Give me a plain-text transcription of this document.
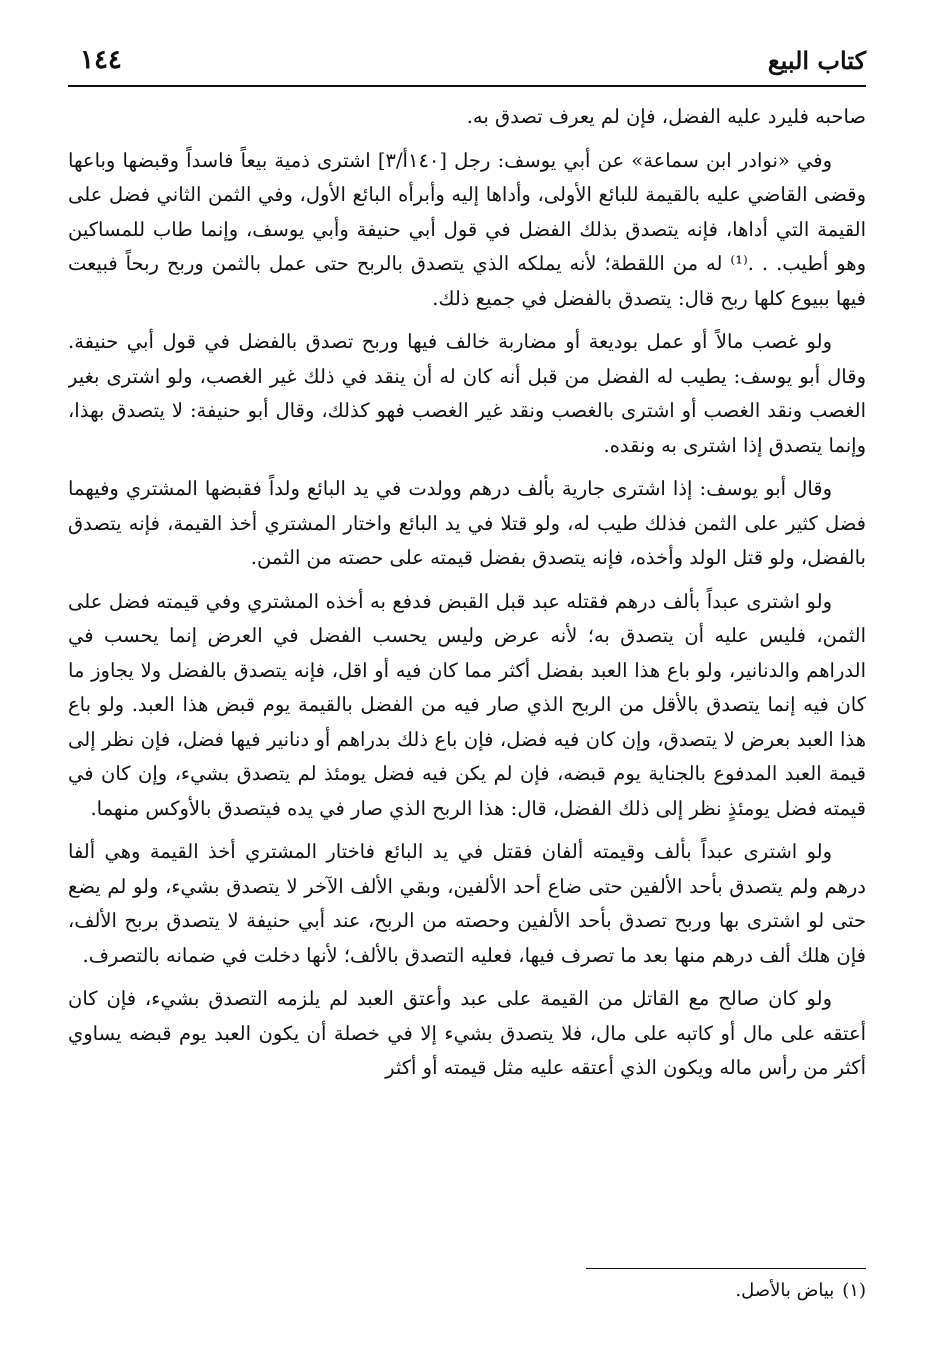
كتاب البيع
١٤٤

صاحبه فليرد عليه الفضل، فإن لم يعرف تصدق به.

وفي «نوادر ابن سماعة» عن أبي يوسف: رجل [١٤٠أ/٣] اشترى ذمية بيعاً فاسداً وقبضها وباعها وقضى القاضي عليه بالقيمة للبائع الأولى، وأداها إليه وأبرأه البائع الأول، وفي الثمن الثاني فضل على القيمة التي أداها، فإنه يتصدق بذلك الفضل في قول أبي حنيفة وأبي يوسف، وإنما طاب للمساكين وهو أطيب. . .⁽¹⁾ له من اللقطة؛ لأنه يملكه الذي يتصدق بالربح حتى عمل بالثمن وربح ربحاً فبيعت فيها ببيوع كلها ربح قال: يتصدق بالفضل في جميع ذلك.

ولو غصب مالاً أو عمل بوديعة أو مضاربة خالف فيها وربح تصدق بالفضل في قول أبي حنيفة. وقال أبو يوسف: يطيب له الفضل من قبل أنه كان له أن ينقد في ذلك غير الغصب، ولو اشترى بغير الغصب ونقد الغصب أو اشترى بالغصب ونقد غير الغصب فهو كذلك، وقال أبو حنيفة: لا يتصدق بهذا، وإنما يتصدق إذا اشترى به ونقده.

وقال أبو يوسف: إذا اشترى جارية بألف درهم وولدت في يد البائع ولداً فقبضها المشتري وفيهما فضل كثير على الثمن فذلك طيب له، ولو قتلا في يد البائع واختار المشتري أخذ القيمة، فإنه يتصدق بالفضل، ولو قتل الولد وأخذه، فإنه يتصدق بفضل قيمته على حصته من الثمن.

ولو اشترى عبداً بألف درهم فقتله عبد قبل القبض فدفع به أخذه المشتري وفي قيمته فضل على الثمن، فليس عليه أن يتصدق به؛ لأنه عرض وليس يحسب الفضل في العرض إنما يحسب في الدراهم والدنانير، ولو باع هذا العبد بفضل أكثر مما كان فيه أو اقل، فإنه يتصدق بالفضل ولا يجاوز ما كان فيه إنما يتصدق بالأقل من الربح الذي صار فيه من الفضل بالقيمة يوم قبض هذا العبد. ولو باع هذا العبد بعرض لا يتصدق، وإن كان فيه فضل، فإن باع ذلك بدراهم أو دنانير فيها فضل، فإن نظر إلى قيمة العبد المدفوع بالجناية يوم قبضه، فإن لم يكن فيه فضل يومئذ لم يتصدق بشيء، وإن كان في قيمته فضل يومئذٍ نظر إلى ذلك الفضل، قال: هذا الربح الذي صار في يده فيتصدق بالأوكس منهما.

ولو اشترى عبداً بألف وقيمته ألفان فقتل في يد البائع فاختار المشتري أخذ القيمة وهي ألفا درهم ولم يتصدق بأحد الألفين حتى ضاع أحد الألفين، وبقي الألف الآخر لا يتصدق بشيء، ولو لم يضع حتى لو اشترى بها وربح تصدق بأحد الألفين وحصته من الربح، عند أبي حنيفة لا يتصدق بربح الألف، فإن هلك ألف درهم منها بعد ما تصرف فيها، فعليه التصدق بالألف؛ لأنها دخلت في ضمانه بالتصرف.

ولو كان صالح مع القاتل من القيمة على عبد وأعتق العبد لم يلزمه التصدق بشيء، فإن كان أعتقه على مال أو كاتبه على مال، فلا يتصدق بشيء إلا في خصلة أن يكون العبد يوم قبضه يساوي أكثر من رأس ماله ويكون الذي أعتقه عليه مثل قيمته أو أكثر

(١)بياض بالأصل.
